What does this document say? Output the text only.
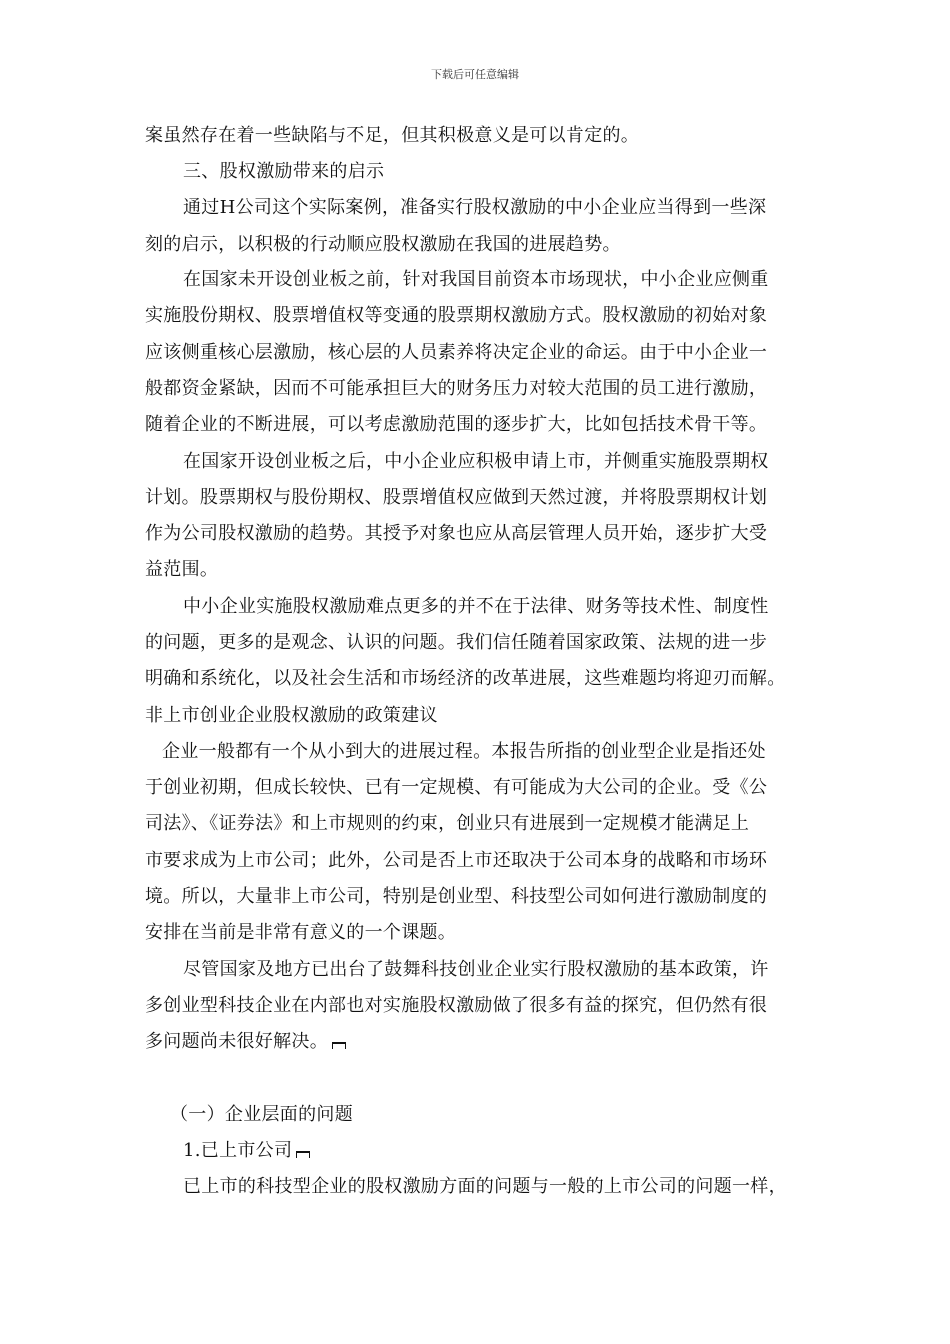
下载后可任意编辑
案虽然存在着一些缺陷与不足，但其积极意义是可以肯定的。
三、股权激励带来的启示
通过H公司这个实际案例，准备实行股权激励的中小企业应当得到一些深
刻的启示，以积极的行动顺应股权激励在我国的进展趋势。
在国家未开设创业板之前，针对我国目前资本市场现状，中小企业应侧重
实施股份期权、股票增值权等变通的股票期权激励方式。股权激励的初始对象
应该侧重核心层激励，核心层的人员素养将决定企业的命运。由于中小企业一
般都资金紧缺，因而不可能承担巨大的财务压力对较大范围的员工进行激励，
随着企业的不断进展，可以考虑激励范围的逐步扩大，比如包括技术骨干等。
在国家开设创业板之后，中小企业应积极申请上市，并侧重实施股票期权
计划。股票期权与股份期权、股票增值权应做到天然过渡，并将股票期权计划
作为公司股权激励的趋势。其授予对象也应从高层管理人员开始，逐步扩大受
益范围。
中小企业实施股权激励难点更多的并不在于法律、财务等技术性、制度性
的问题，更多的是观念、认识的问题。我们信任随着国家政策、法规的进一步
明确和系统化，以及社会生活和市场经济的改革进展，这些难题均将迎刃而解。
非上市创业企业股权激励的政策建议
企业一般都有一个从小到大的进展过程。本报告所指的创业型企业是指还处
于创业初期，但成长较快、已有一定规模、有可能成为大公司的企业。受《公
司法》、《证券法》和上市规则的约束，创业只有进展到一定规模才能满足上
市要求成为上市公司；此外，公司是否上市还取决于公司本身的战略和市场环
境。所以，大量非上市公司，特别是创业型、科技型公司如何进行激励制度的
安排在当前是非常有意义的一个课题。
尽管国家及地方已出台了鼓舞科技创业企业实行股权激励的基本政策，许
多创业型科技企业在内部也对实施股权激励做了很多有益的探究，但仍然有很
多问题尚未很好解决。
（一）企业层面的问题
1.已上市公司
已上市的科技型企业的股权激励方面的问题与一般的上市公司的问题一样，
